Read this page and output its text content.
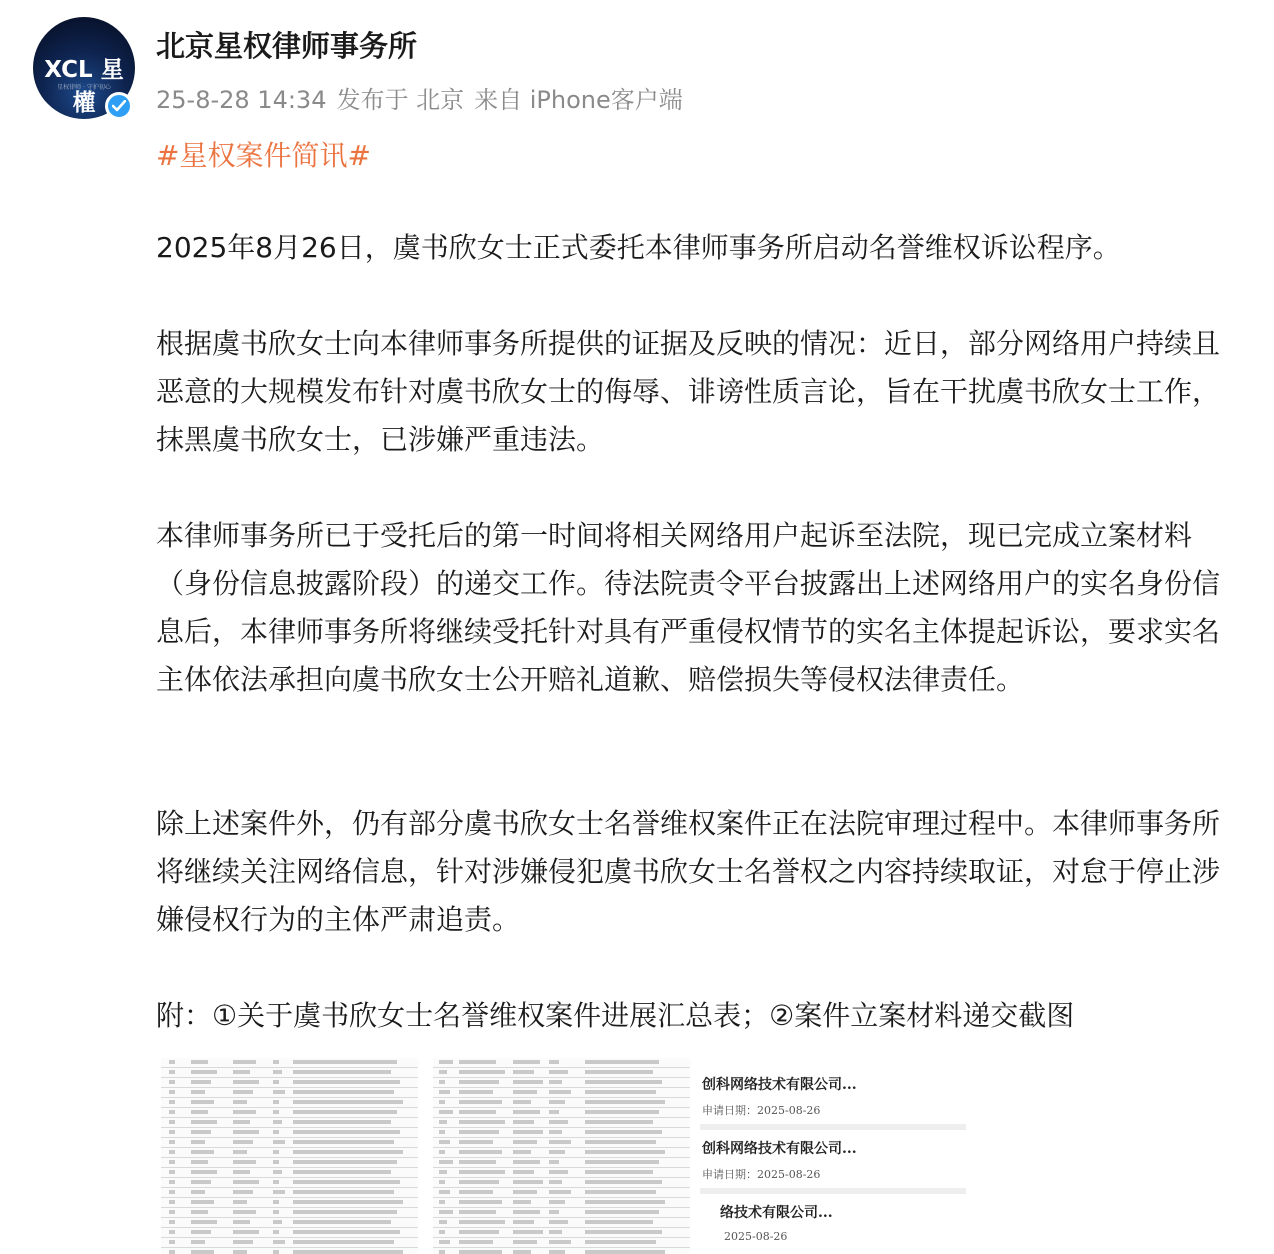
XCL 星權
星权律师 · 守护初心
北京星权律师事务所
25-8-28 14:34 发布于 北京 来自 iPhone客户端
#星权案件简讯#

2025年8月26日，虞书欣女士正式委托本律师事务所启动名誉维权诉讼程序。

根据虞书欣女士向本律师事务所提供的证据及反映的情况：近日，部分网络用户持续且恶意的大规模发布针对虞书欣女士的侮辱、诽谤性质言论，旨在干扰虞书欣女士工作，抹黑虞书欣女士，已涉嫌严重违法。

本律师事务所已于受托后的第一时间将相关网络用户起诉至法院，现已完成立案材料（身份信息披露阶段）的递交工作。待法院责令平台披露出上述网络用户的实名身份信息后，本律师事务所将继续受托针对具有严重侵权情节的实名主体提起诉讼，要求实名主体依法承担向虞书欣女士公开赔礼道歉、赔偿损失等侵权法律责任。

除上述案件外，仍有部分虞书欣女士名誉维权案件正在法院审理过程中。本律师事务所将继续关注网络信息，针对涉嫌侵犯虞书欣女士名誉权之内容持续取证，对怠于停止涉嫌侵权行为的主体严肃追责。

附：①关于虞书欣女士名誉维权案件进展汇总表；②案件立案材料递交截图

创科网络技术有限公司...
申请日期：2025-08-26
创科网络技术有限公司...
申请日期：2025-08-26
络技术有限公司...
2025-08-26
